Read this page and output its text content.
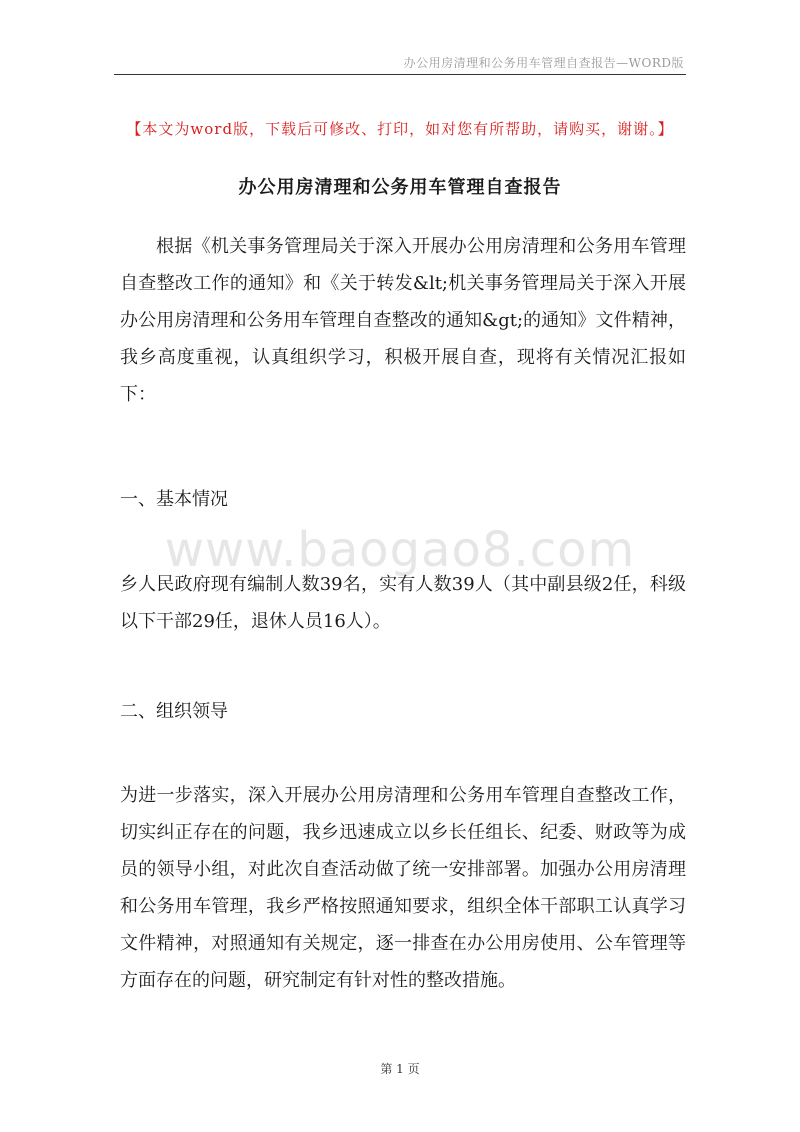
办公用房清理和公务用车管理自查报告—WORD版
【本文为word版，下载后可修改、打印，如对您有所帮助，请购买，谢谢。】
办公用房清理和公务用车管理自查报告

根据《机关事务管理局关于深入开展办公用房清理和公务用车管理自查整改工作的通知》和《关于转发&lt;机关事务管理局关于深入开展办公用房清理和公务用车管理自查整改的通知&gt;的通知》文件精神，我乡高度重视，认真组织学习，积极开展自查，现将有关情况汇报如下：

一、基本情况

www.baogao8.com

乡人民政府现有编制人数39名，实有人数39人（其中副县级2任，科级以下干部29任，退休人员16人）。

二、组织领导

为进一步落实，深入开展办公用房清理和公务用车管理自查整改工作，切实纠正存在的问题，我乡迅速成立以乡长任组长、纪委、财政等为成员的领导小组，对此次自查活动做了统一安排部署。加强办公用房清理和公务用车管理，我乡严格按照通知要求，组织全体干部职工认真学习文件精神，对照通知有关规定，逐一排查在办公用房使用、公车管理等方面存在的问题，研究制定有针对性的整改措施。

第 1 页
